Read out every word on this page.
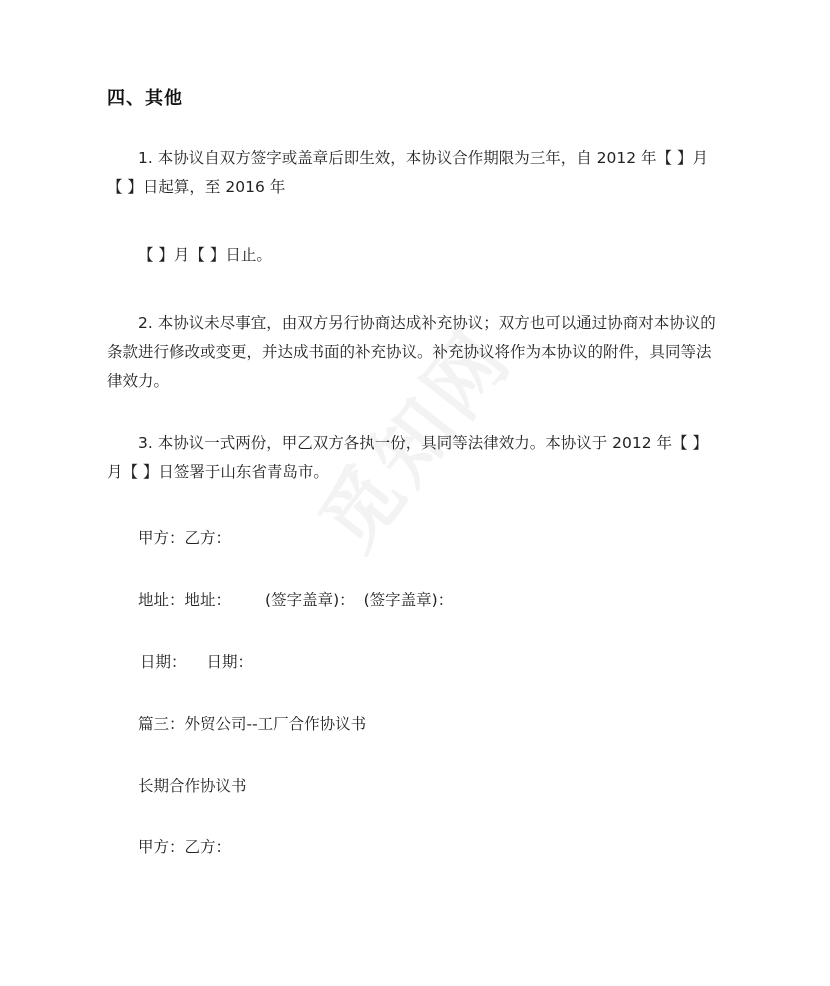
四、其他

1. 本协议自双方签字或盖章后即生效，本协议合作期限为三年，自 2012 年【 】月
【 】日起算，至 2016 年

【 】月【 】日止。

2. 本协议未尽事宜，由双方另行协商达成补充协议；双方也可以通过协商对本协议的
条款进行修改或变更，并达成书面的补充协议。补充协议将作为本协议的附件，具同等法
律效力。

3. 本协议一式两份，甲乙双方各执一份，具同等法律效力。本协议于 2012 年【 】
月【 】日签署于山东省青岛市。

甲方：乙方：
地址：地址： (签字盖章)： (签字盖章)：
日期： 日期：
篇三：外贸公司--工厂合作协议书
长期合作协议书
甲方：乙方：
